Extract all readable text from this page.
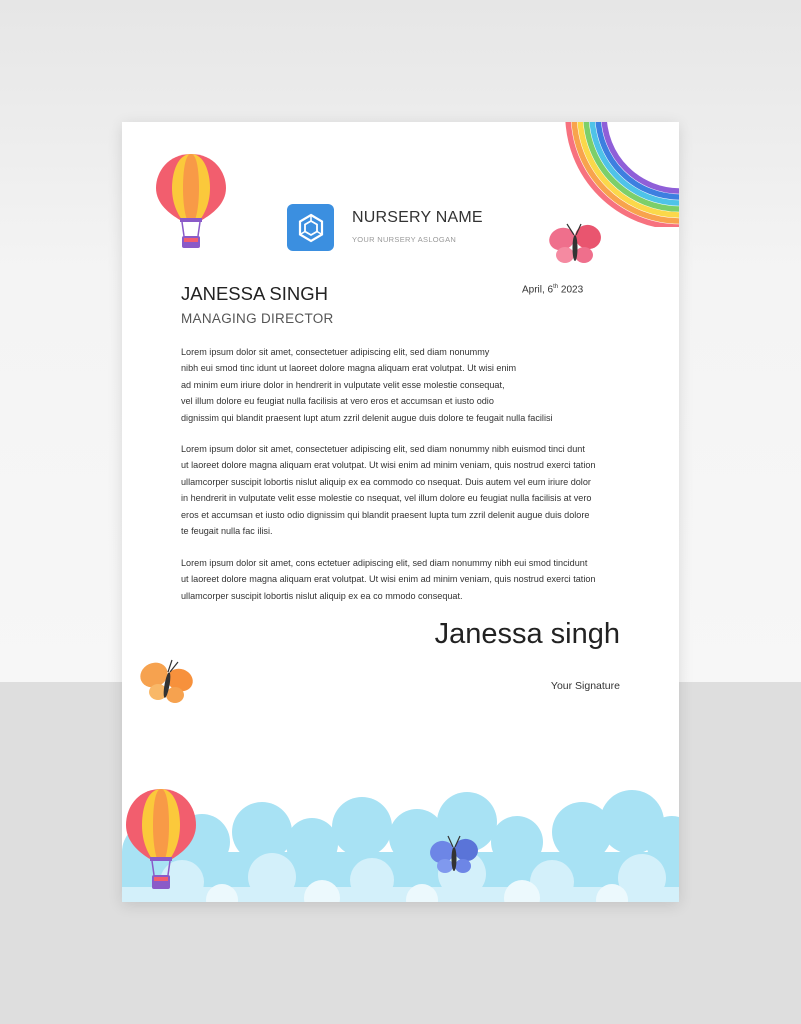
NURSERY NAME
YOUR NURSERY ASLOGAN
JANESSA SINGH
MANAGING DIRECTOR
April, 6th 2023
Lorem ipsum dolor sit amet, consectetuer adipiscing elit, sed diam nonummy
nibh eui smod tinc idunt ut laoreet dolore magna aliquam erat volutpat. Ut wisi enim
ad minim eum iriure dolor in hendrerit in vulputate velit esse molestie consequat,
vel illum dolore eu feugiat nulla facilisis at vero eros et accumsan et iusto odio
dignissim qui blandit praesent lupt atum zzril delenit augue duis dolore te feugait nulla facilisi
Lorem ipsum dolor sit amet, consectetuer adipiscing elit, sed diam nonummy nibh euismod tinci dunt
ut laoreet dolore magna aliquam erat volutpat. Ut wisi enim ad minim veniam, quis nostrud exerci tation
ullamcorper suscipit lobortis nislut aliquip ex ea commodo co nsequat. Duis autem vel eum iriure dolor
in hendrerit in vulputate velit esse molestie co nsequat, vel illum dolore eu feugiat nulla facilisis at vero
eros et accumsan et iusto odio dignissim qui blandit praesent lupta tum zzril delenit augue duis dolore
te feugait nulla fac ilisi.
Lorem ipsum dolor sit amet, cons ectetuer adipiscing elit, sed diam nonummy nibh eui smod tincidunt
ut laoreet dolore magna aliquam erat volutpat. Ut wisi enim ad minim veniam, quis nostrud exerci tation
ullamcorper suscipit lobortis nislut aliquip ex ea co mmodo consequat.
Janessa singh
Your Signature
